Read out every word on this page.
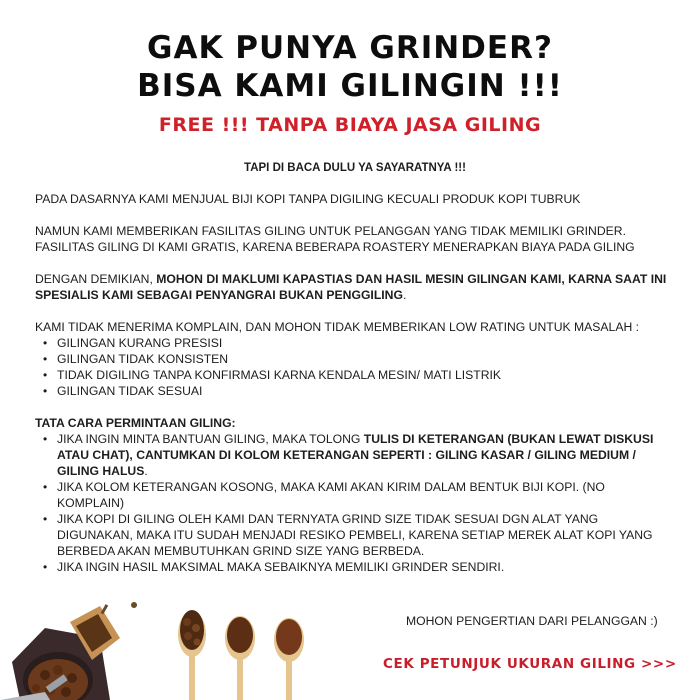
GAK PUNYA GRINDER?
BISA KAMI GILINGIN !!!
FREE !!! TANPA BIAYA JASA GILING
TAPI DI BACA DULU YA SAYARATNYA !!!
PADA DASARNYA KAMI MENJUAL BIJI KOPI TANPA DIGILING KECUALI PRODUK KOPI TUBRUK
NAMUN KAMI MEMBERIKAN FASILITAS GILING UNTUK PELANGGAN YANG TIDAK MEMILIKI GRINDER.
FASILITAS GILING DI KAMI GRATIS, KARENA BEBERAPA ROASTERY MENERAPKAN BIAYA PADA GILING
DENGAN DEMIKIAN, MOHON DI MAKLUMI KAPASTIAS DAN HASIL MESIN GILINGAN KAMI, KARNA SAAT INI SPESIALIS KAMI SEBAGAI PENYANGRAI BUKAN PENGGILING.
KAMI TIDAK MENERIMA KOMPLAIN, DAN MOHON TIDAK MEMBERIKAN LOW RATING UNTUK MASALAH :
• GILINGAN KURANG PRESISI
• GILINGAN TIDAK KONSISTEN
• TIDAK DIGILING TANPA KONFIRMASI KARNA KENDALA MESIN/ MATI LISTRIK
• GILINGAN TIDAK SESUAI
TATA CARA PERMINTAAN GILING:
• JIKA INGIN MINTA BANTUAN GILING, MAKA TOLONG TULIS DI KETERANGAN (BUKAN LEWAT DISKUSI ATAU CHAT), CANTUMKAN DI KOLOM KETERANGAN SEPERTI : GILING KASAR / GILING MEDIUM / GILING HALUS.
• JIKA KOLOM KETERANGAN KOSONG, MAKA KAMI AKAN KIRIM DALAM BENTUK BIJI KOPI. (NO KOMPLAIN)
• JIKA KOPI DI GILING OLEH KAMI DAN TERNYATA GRIND SIZE TIDAK SESUAI DGN ALAT YANG DIGUNAKAN, MAKA ITU SUDAH MENJADI RESIKO PEMBELI, KARENA SETIAP MEREK ALAT KOPI YANG BERBEDA AKAN MEMBUTUHKAN GRIND SIZE YANG BERBEDA.
• JIKA INGIN HASIL MAKSIMAL MAKA SEBAIKNYA MEMILIKI GRINDER SENDIRI.
MOHON PENGERTIAN DARI PELANGGAN :)
CEK PETUNJUK UKURAN GILING >>>
